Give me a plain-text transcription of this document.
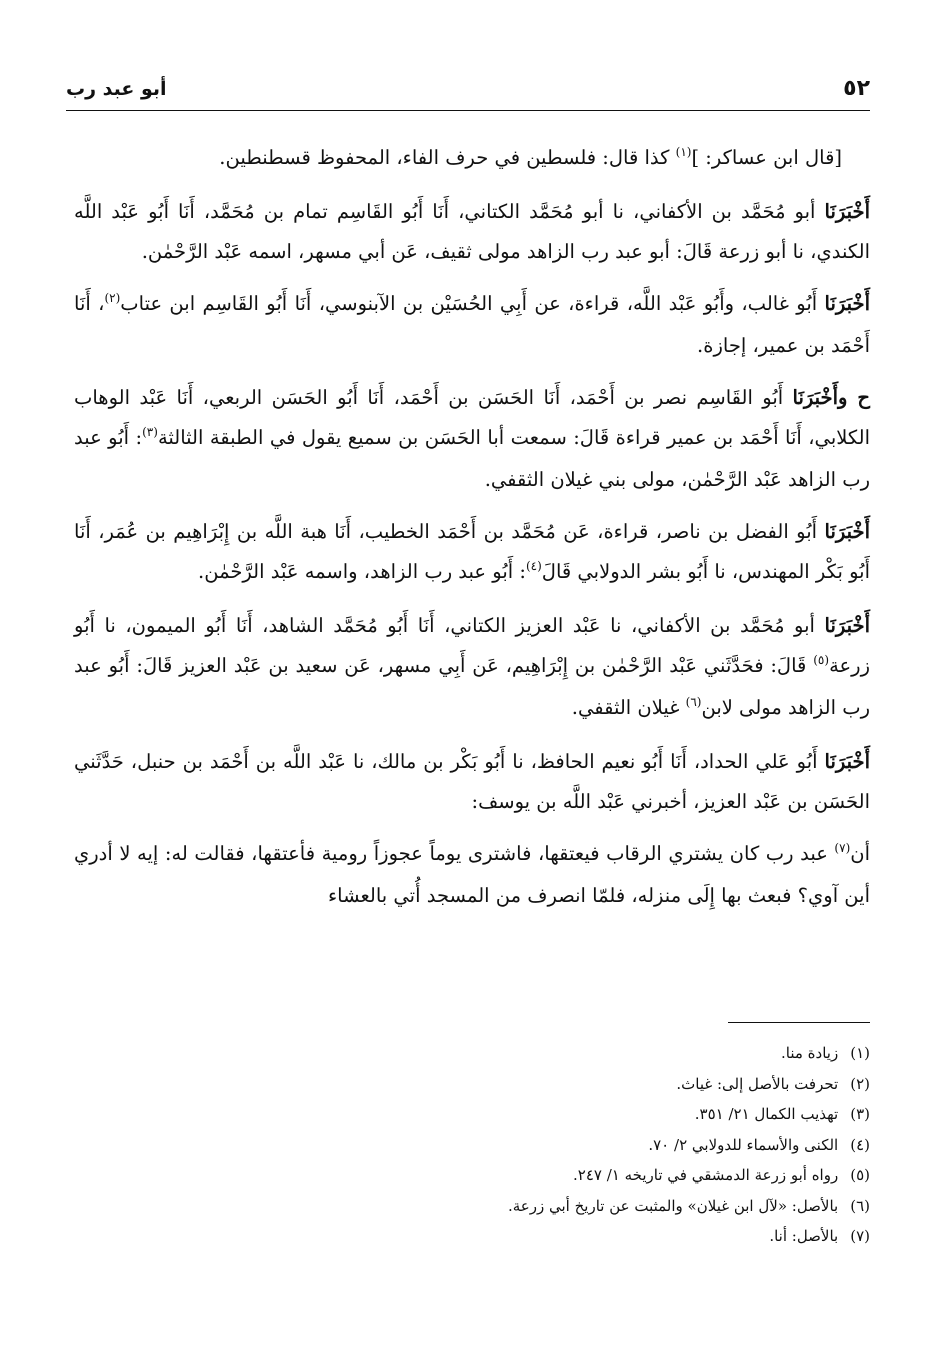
٥٢
أبو عبد رب

[قال ابن عساكر: ]$^{(١)}$ كذا قال: فلسطين في حرف الفاء، المحفوظ قسطنطين.

أَخْبَرَنَا أبو مُحَمَّد بن الأكفاني، نا أبو مُحَمَّد الكتاني، أَنَا أَبُو القَاسِم تمام بن مُحَمَّد، أَنَا أَبُو عَبْد اللَّه الكندي، نا أبو زرعة قَالَ: أبو عبد رب الزاهد مولى ثقيف، عَن أبي مسهر، اسمه عَبْد الرَّحْمٰن.

أَخْبَرَنَا أَبُو غالب، وأَبُو عَبْد اللَّه، قراءة، عن أَبِي الحُسَيْن بن الآبنوسي، أَنَا أَبُو القَاسِم ابن عتاب$^{(٢)}$، أَنَا أَحْمَد بن عمير، إجازة.

ح وأَخْبَرَنَا أَبُو القَاسِم نصر بن أَحْمَد، أَنَا الحَسَن بن أَحْمَد، أَنَا أَبُو الحَسَن الربعي، أَنَا عَبْد الوهاب الكلابي، أَنَا أَحْمَد بن عمير قراءة قَالَ: سمعت أبا الحَسَن بن سميع يقول في الطبقة الثالثة$^{(٣)}$: أَبُو عبد رب الزاهد عَبْد الرَّحْمٰن، مولى بني غيلان الثقفي.

أَخْبَرَنَا أَبُو الفضل بن ناصر، قراءة، عَن مُحَمَّد بن أَحْمَد الخطيب، أَنَا هبة اللَّه بن إِبْرَاهِيم بن عُمَر، أَنَا أَبُو بَكْر المهندس، نا أَبُو بشر الدولابي قَالَ$^{(٤)}$: أَبُو عبد رب الزاهد، واسمه عَبْد الرَّحْمٰن.

أَخْبَرَنَا أبو مُحَمَّد بن الأكفاني، نا عَبْد العزيز الكتاني، أَنَا أَبُو مُحَمَّد الشاهد، أَنَا أَبُو الميمون، نا أَبُو زرعة$^{(٥)}$ قَالَ: فحَدَّثَني عَبْد الرَّحْمٰن بن إِبْرَاهِيم، عَن أَبِي مسهر، عَن سعيد بن عَبْد العزيز قَالَ: أَبُو عبد رب الزاهد مولى لابن$^{(٦)}$ غيلان الثقفي.

أَخْبَرَنَا أَبُو عَلي الحداد، أَنَا أَبُو نعيم الحافظ، نا أَبُو بَكْر بن مالك، نا عَبْد اللَّه بن أَحْمَد بن حنبل، حَدَّثَني الحَسَن بن عَبْد العزيز، أخبرني عَبْد اللَّه بن يوسف:

أن$^{(٧)}$ عبد رب كان يشتري الرقاب فيعتقها، فاشترى يوماً عجوزاً رومية فأعتقها، فقالت له: إيه لا أدري أين آوي؟ فبعث بها إِلَى منزله، فلمّا انصرف من المسجد أُتي بالعشاء

(١)زيادة منا.
(٢)تحرفت بالأصل إلى: غياث.
(٣)تهذيب الكمال ٢١/ ٣٥١.
(٤)الكنى والأسماء للدولابي ٢/ ٧٠.
(٥)رواه أبو زرعة الدمشقي في تاريخه ١/ ٢٤٧.
(٦)بالأصل: «لآل ابن غيلان» والمثبت عن تاريخ أبي زرعة.
(٧)بالأصل: أنا.
